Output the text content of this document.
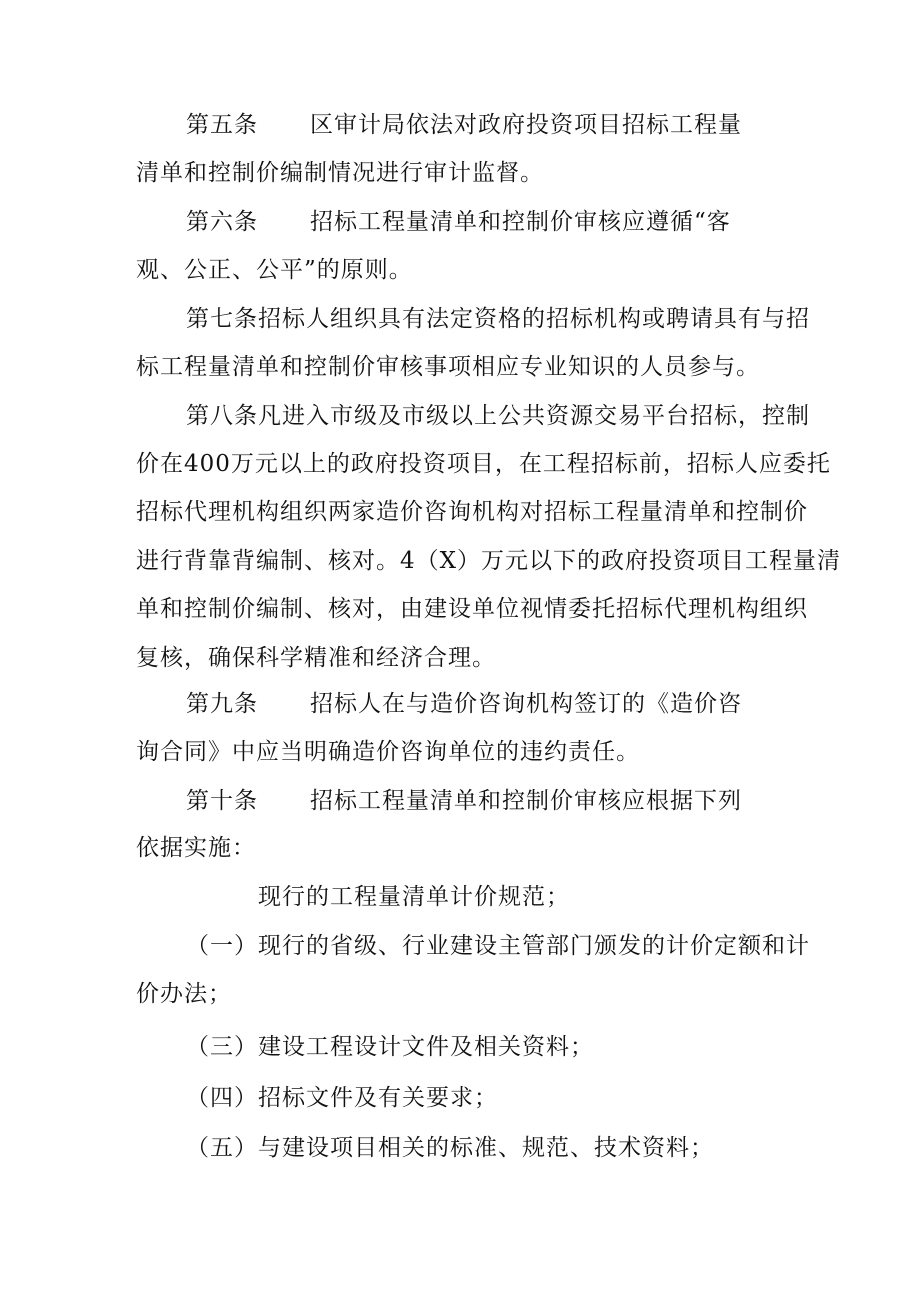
第五条 区审计局依法对政府投资项目招标工程量

清单和控制价编制情况进行审计监督。

第六条 招标工程量清单和控制价审核应遵循“客

观、公正、公平”的原则。

第七条招标人组织具有法定资格的招标机构或聘请具有与招

标工程量清单和控制价审核事项相应专业知识的人员参与。

第八条凡进入市级及市级以上公共资源交易平台招标，控制

价在400万元以上的政府投资项目，在工程招标前，招标人应委托

招标代理机构组织两家造价咨询机构对招标工程量清单和控制价

进行背靠背编制、核对。4（X）万元以下的政府投资项目工程量清

单和控制价编制、核对，由建设单位视情委托招标代理机构组织

复核，确保科学精准和经济合理。

第九条 招标人在与造价咨询机构签订的《造价咨

询合同》中应当明确造价咨询单位的违约责任。

第十条 招标工程量清单和控制价审核应根据下列

依据实施：

现行的工程量清单计价规范；

（一）现行的省级、行业建设主管部门颁发的计价定额和计

价办法；

（三）建设工程设计文件及相关资料；

（四）招标文件及有关要求；

（五）与建设项目相关的标准、规范、技术资料；
